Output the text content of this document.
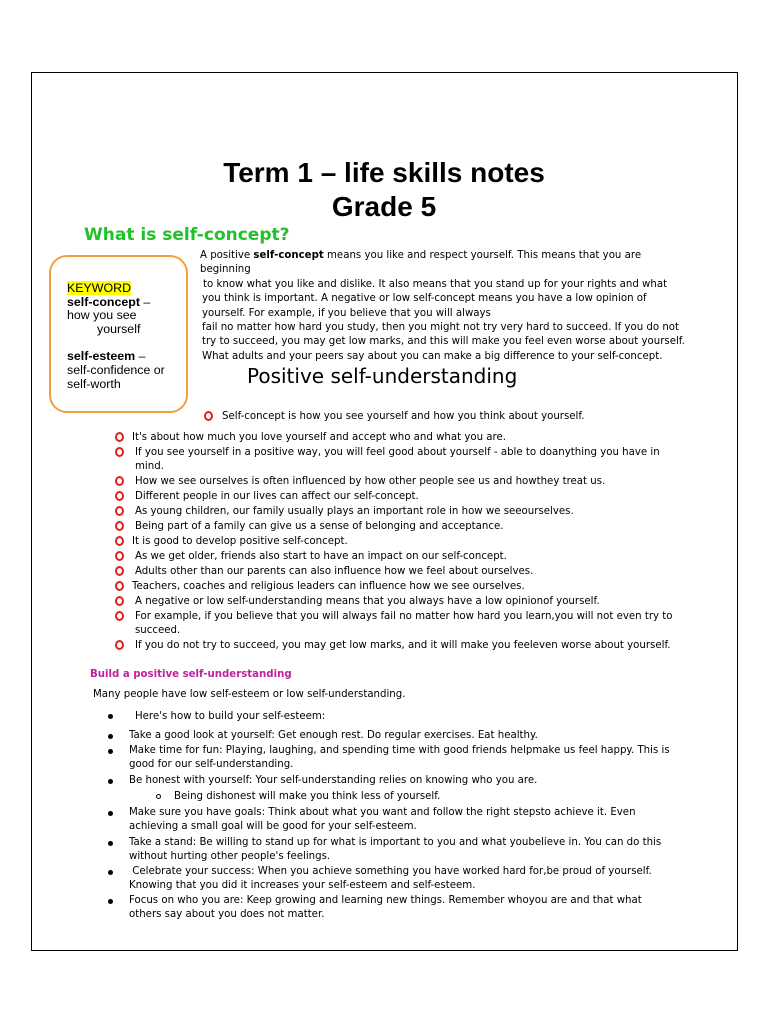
Term 1 – life skills notes
Grade 5
What is self-concept?
A positive self-concept means you like and respect yourself. This means that you are beginning
to know what you like and dislike. It also means that you stand up for your rights and what
you think is important. A negative or low self-concept means you have a low opinion of
yourself. For example, if you believe that you will always
fail no matter how hard you study, then you might not try very hard to succeed. If you do not
try to succeed, you may get low marks, and this will make you feel even worse about yourself.
What adults and your peers say about you can make a big difference to your self-concept.
KEYWORD
self-concept –
how you see
yourself
self-esteem –
self-confidence or
self-worth	Positive self-understanding
Self-concept is how you see yourself and how you think about yourself.
It's about how much you love yourself and accept who and what you are.
If you see yourself in a positive way, you will feel good about yourself - able to doanything you have in
mind.
How we see ourselves is often influenced by how other people see us and howthey treat us.
Different people in our lives can affect our self-concept.
As young children, our family usually plays an important role in how we seeourselves.
Being part of a family can give us a sense of belonging and acceptance.
It is good to develop positive self-concept.
As we get older, friends also start to have an impact on our self-concept.
Adults other than our parents can also influence how we feel about ourselves.
Teachers, coaches and religious leaders can influence how we see ourselves.
A negative or low self-understanding means that you always have a low opinionof yourself.
For example, if you believe that you will always fail no matter how hard you learn,you will not even try to
succeed.
If you do not try to succeed, you may get low marks, and it will make you feeleven worse about yourself.
Build a positive self-understanding
Many people have low self-esteem or low self-understanding.
Here's how to build your self-esteem:
Take a good look at yourself: Get enough rest. Do regular exercises. Eat healthy.
Make time for fun: Playing, laughing, and spending time with good friends helpmake us feel happy. This is
good for our self-understanding.
Be honest with yourself: Your self-understanding relies on knowing who you are.
Being dishonest will make you think less of yourself.
Make sure you have goals: Think about what you want and follow the right stepsto achieve it. Even
achieving a small goal will be good for your self-esteem.
Take a stand: Be willing to stand up for what is important to you and what youbelieve in. You can do this
without hurting other people's feelings.
Celebrate your success: When you achieve something you have worked hard for,be proud of yourself.
Knowing that you did it increases your self-esteem and self-esteem.
Focus on who you are: Keep growing and learning new things. Remember whoyou are and that what
others say about you does not matter.
